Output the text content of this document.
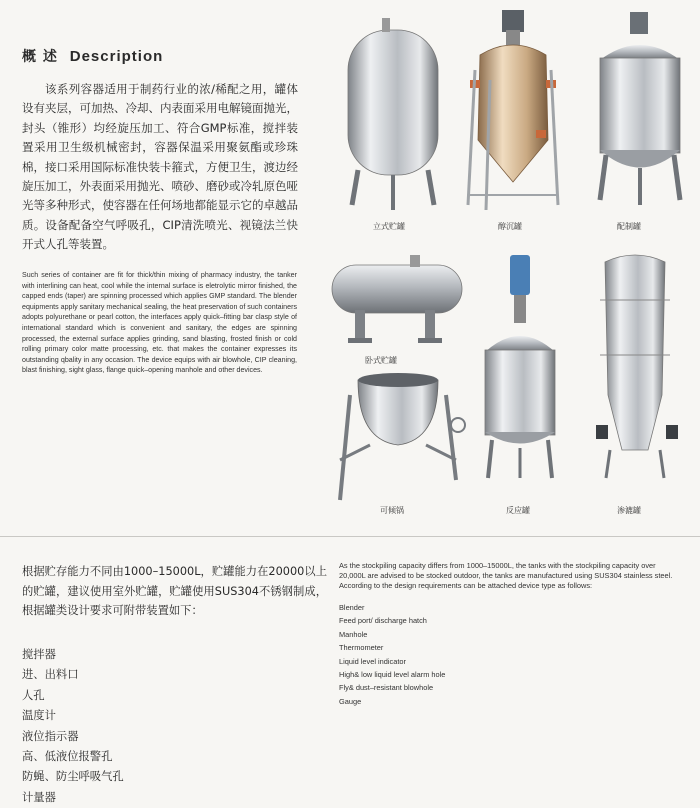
概 述 Description
该系列容器适用于制药行业的浓/稀配之用，罐体设有夹层，可加热、冷却、内表面采用电解镜面抛光，封头（锥形）均经旋压加工、符合GMP标准，搅拌装置采用卫生级机械密封，容器保温采用聚氨酯或珍珠棉，接口采用国际标准快装卡箍式，方便卫生，渡边经旋压加工，外表面采用抛光、喷砂、磨砂或冷轧原色哑光等多种形式，使容器在任何场地都能显示它的卓越品质。设备配备空气呼吸孔，CIP清洗喷光、视镜法兰快开式人孔等装置。
Such series of container are fit for thick/thin mixing of pharmacy industry, the tanker with interlining can heat, cool while the internal surface is eletrolytic mirror finished, the capped ends (taper) are spinning processed which applies GMP standard. The blender equipments apply sanitary mechanical sealing, the heat preservation of such containers adopts polyurethane or pearl cotton, the interfaces apply quick–fitting bar clasp style of international standard which is convenient and sanitary, the edges are spinning processed, the external surface applies grinding, sand blasting, frosted finish or cold rolling primary color matte processing, etc. that makes the container expresses its outstanding qbality in any occasion. The device equips with air blowhole, CIP cleaning, blast finishing, sight glass, flange quick–opening manhole and other devices.
立式贮罐	醇沉罐	配制罐
卧式贮罐
可倾锅	反应罐	渗漉罐
根据贮存能力不同由1000–15000L，贮罐能力在20000以上的贮罐，建议使用室外贮罐，贮罐使用SUS304不锈钢制成，根据罐类设计要求可附带装置如下：
搅拌器
进、出料口
人孔
温度计
液位指示器
高、低液位报警孔
防蝇、防尘呼吸气孔
计量器
As the stockpiling capacity differs from 1000–15000L, the tanks with the stockpiling capacity over 20,000L are advised to be stocked outdoor, the tanks are manufactured using SUS304 stainless steel. According to the design requirements can be attached device type as follows:
Blender
Feed port/ discharge hatch
Manhole
Thermometer
Liquid level indicator
High& low liquid level alarm hole
Fly& dust–resistant blowhole
Gauge
